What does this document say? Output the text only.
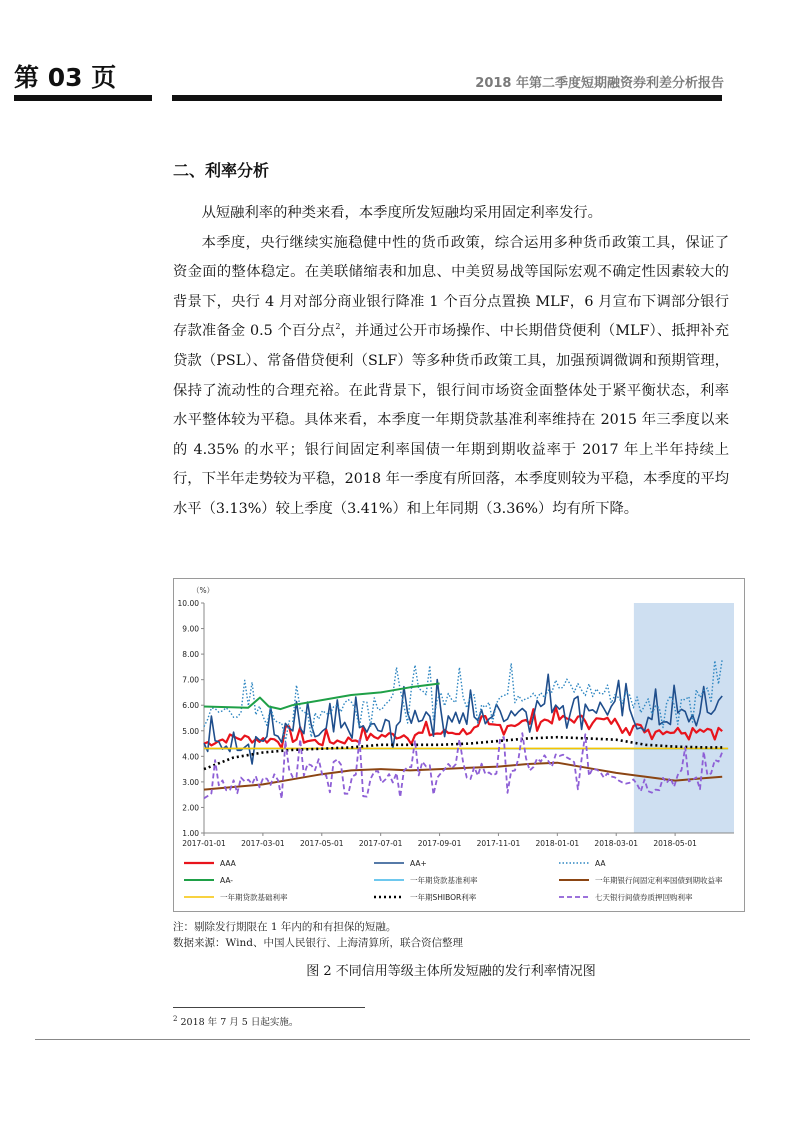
第 03 页	2018 年第二季度短期融资券利差分析报告
二、利率分析

从短融利率的种类来看，本季度所发短融均采用固定利率发行。

本季度，央行继续实施稳健中性的货币政策，综合运用多种货币政策工具，保证了资金面的整体稳定。在美联储缩表和加息、中美贸易战等国际宏观不确定性因素较大的背景下，央行 4 月对部分商业银行降准 1 个百分点置换 MLF，6 月宣布下调部分银行存款准备金 0.5 个百分点$^2$，并通过公开市场操作、中长期借贷便利（MLF）、抵押补充贷款（PSL）、常备借贷便利（SLF）等多种货币政策工具，加强预调微调和预期管理，保持了流动性的合理充裕。在此背景下，银行间市场资金面整体处于紧平衡状态，利率水平整体较为平稳。具体来看，本季度一年期贷款基准利率维持在 2015 年三季度以来的 4.35% 的水平；银行间固定利率国债一年期到期收益率于 2017 年上半年持续上行，下半年走势较为平稳，2018 年一季度有所回落，本季度则较为平稳，本季度的平均水平（3.13%）较上季度（3.41%）和上年同期（3.36%）均有所下降。

（%）
1.00
2.00
3.00
4.00
5.00
6.00
7.00
8.00
9.00
10.00
2017-01-01 2017-03-01 2017-05-01 2017-07-01 2017-09-01 2017-11-01 2018-01-01 2018-03-01 2018-05-01
AAA	AA+	AA
AA-	一年期贷款基准利率	一年期银行间固定利率国债到期收益率
一年期贷款基础利率	一年期SHIBOR利率	七天银行间债券质押回购利率
注：剔除发行期限在 1 年内的和有担保的短融。
数据来源：Wind、中国人民银行、上海清算所，联合资信整理
图 2 不同信用等级主体所发短融的发行利率情况图
$^2$ 2018 年 7 月 5 日起实施。
